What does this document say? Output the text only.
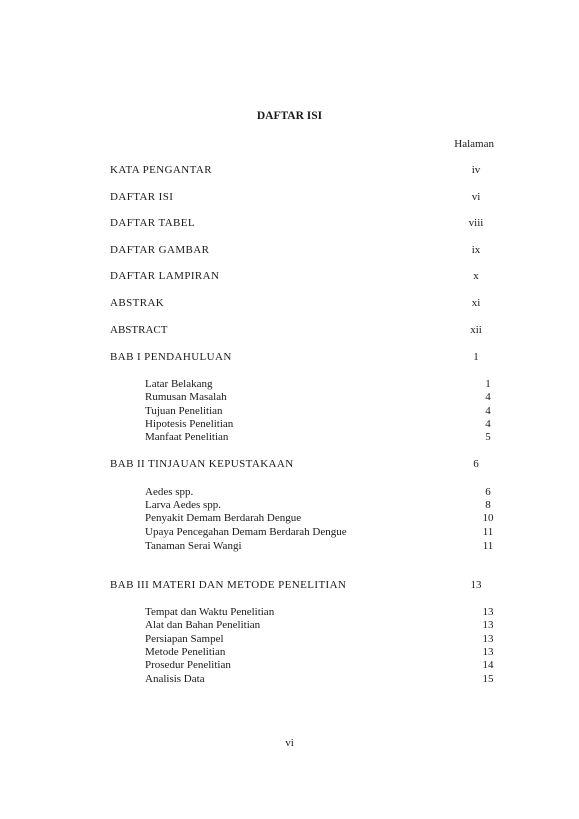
DAFTAR ISI
Halaman
KATA PENGANTAR	iv
DAFTAR ISI	vi
DAFTAR TABEL	viii
DAFTAR GAMBAR	ix
DAFTAR LAMPIRAN	x
ABSTRAK	xi
ABSTRACT	xii
BAB I PENDAHULUAN	1
Latar Belakang	1
Rumusan Masalah	4
Tujuan Penelitian	4
Hipotesis Penelitian	4
Manfaat Penelitian	5
BAB II TINJAUAN KEPUSTAKAAN	6
Aedes spp.	6
Larva Aedes spp.	8
Penyakit Demam Berdarah Dengue	10
Upaya Pencegahan Demam Berdarah Dengue	11
Tanaman Serai Wangi	11
BAB III MATERI DAN METODE PENELITIAN	13
Tempat dan Waktu Penelitian	13
Alat dan Bahan Penelitian	13
Persiapan Sampel	13
Metode Penelitian	13
Prosedur Penelitian	14
Analisis Data	15
vi
